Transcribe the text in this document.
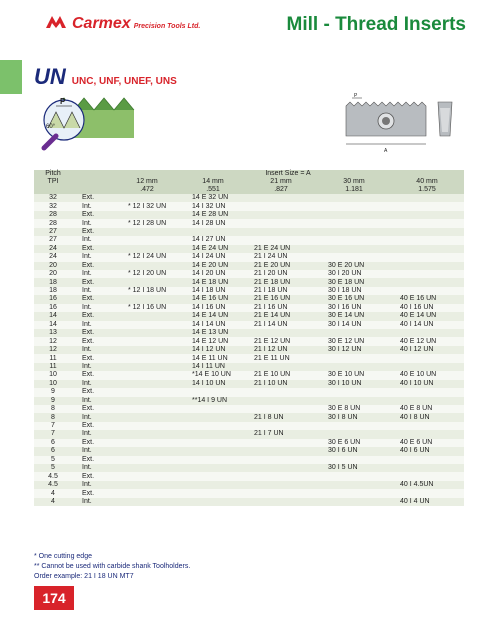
Carmex Precision Tools Ltd.	Mill - Thread Inserts
UN UNC, UNF, UNEF, UNS
P
60°
P
A
Pitch		Insert Size = A				
TPI		12 mm	14 mm	21 mm	30 mm	40 mm
		.472	.551	.827	1.181	1.575
32	Ext.		14 E 32 UN			
32	Int.	* 12 I 32 UN	14 I 32 UN			
28	Ext.		14 E 28 UN			
28	Int.	* 12 I 28 UN	14 I 28 UN			
27	Ext.					
27	Int.		14 I 27 UN			
24	Ext.		14 E 24 UN	21 E 24 UN		
24	Int.	* 12 I 24 UN	14 I 24 UN	21 I 24 UN		
20	Ext.		14 E 20 UN	21 E 20 UN	30 E 20 UN	
20	Int.	* 12 I 20 UN	14 I 20 UN	21 I 20 UN	30 I 20 UN	
18	Ext.		14 E 18 UN	21 E 18 UN	30 E 18 UN	
18	Int.	* 12 I 18 UN	14 I 18 UN	21 I 18 UN	30 I 18 UN	
16	Ext.		14 E 16 UN	21 E 16 UN	30 E 16 UN	40 E 16 UN
16	Int.	* 12 I 16 UN	14 I 16 UN	21 I 16 UN	30 I 16 UN	40 I 16 UN
14	Ext.		14 E 14 UN	21 E 14 UN	30 E 14 UN	40 E 14 UN
14	Int.		14 I 14 UN	21 I 14 UN	30 I 14 UN	40 I 14 UN
13	Ext.		14 E 13 UN			
12	Ext.		14 E 12 UN	21 E 12 UN	30 E 12 UN	40 E 12 UN
12	Int.		14 I 12 UN	21 I 12 UN	30 I 12 UN	40 I 12 UN
11	Ext.		14 E 11 UN	21 E 11 UN		
11	Int.		14 I 11 UN			
10	Ext.		*14 E 10 UN	21 E 10 UN	30 E 10 UN	40 E 10 UN
10	Int.		14 I 10 UN	21 I 10 UN	30 I 10 UN	40 I 10 UN
9	Ext.					
9	Int.		**14 I 9 UN			
8	Ext.				30 E 8 UN	40 E 8 UN
8	Int.			21 I 8 UN	30 I 8 UN	40 I 8 UN
7	Ext.					
7	Int.			21 I 7 UN		
6	Ext.				30 E 6 UN	40 E 6 UN
6	Int.				30 I 6 UN	40 I 6 UN
5	Ext.					
5	Int.				30 I 5 UN	
4.5	Ext.					
4.5	Int.					40 I 4.5UN
4	Ext.					
4	Int.					40 I 4 UN
* One cutting edge
** Cannot be used with carbide shank Toolholders.
Order example: 21 I 18 UN MT7
174
